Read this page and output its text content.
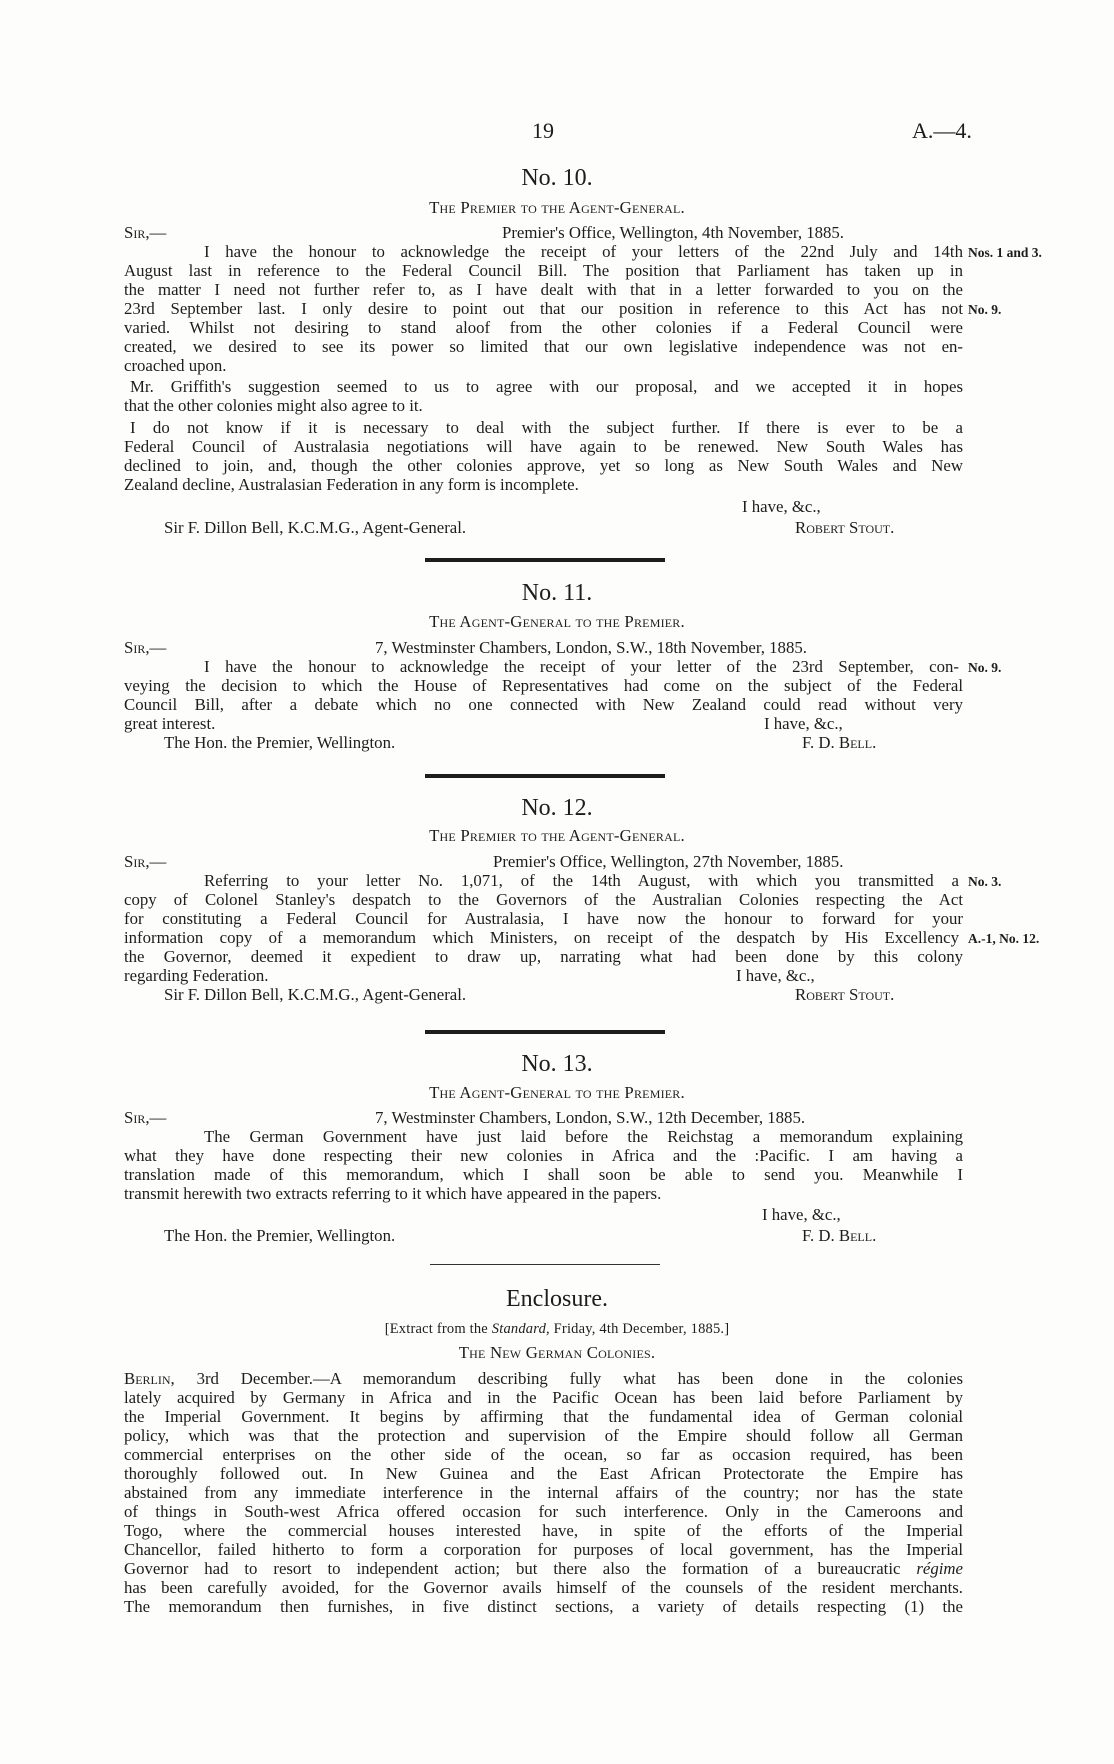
19	A.—4.
No. 10.
The Premier to the Agent-General.
Sir,—	Premier's Office, Wellington, 4th November, 1885.
I have the honour to acknowledge the receipt of your letters of the 22nd July and 14th Nos. 1 and 3.
August last in reference to the Federal Council Bill. The position that Parliament has taken up in
the matter I need not further refer to, as I have dealt with that in a letter forwarded to you on the
23rd September last. I only desire to point out that our position in reference to this Act has not No. 9.
varied. Whilst not desiring to stand aloof from the other colonies if a Federal Council were
created, we desired to see its power so limited that our own legislative independence was not en-
croached upon.
Mr. Griffith's suggestion seemed to us to agree with our proposal, and we accepted it in hopes
that the other colonies might also agree to it.
I do not know if it is necessary to deal with the subject further. If there is ever to be a
Federal Council of Australasia negotiations will have again to be renewed. New South Wales has
declined to join, and, though the other colonies approve, yet so long as New South Wales and New
Zealand decline, Australasian Federation in any form is incomplete.
I have, &c.,
Sir F. Dillon Bell, K.C.M.G., Agent-General.	Robert Stout.
No. 11.
The Agent-General to the Premier.
Sir,—	7, Westminster Chambers, London, S.W., 18th November, 1885.
I have the honour to acknowledge the receipt of your letter of the 23rd September, con- No. 9.
veying the decision to which the House of Representatives had come on the subject of the Federal
Council Bill, after a debate which no one connected with New Zealand could read without very
great interest.	I have, &c.,
The Hon. the Premier, Wellington.	F. D. Bell.
No. 12.
The Premier to the Agent-General.
Sir,—	Premier's Office, Wellington, 27th November, 1885.
Referring to your letter No. 1,071, of the 14th August, with which you transmitted a No. 3.
copy of Colonel Stanley's despatch to the Governors of the Australian Colonies respecting the Act
for constituting a Federal Council for Australasia, I have now the honour to forward for your
information copy of a memorandum which Ministers, on receipt of the despatch by His Excellency A.-1, No. 12.
the Governor, deemed it expedient to draw up, narrating what had been done by this colony
regarding Federation.	I have, &c.,
Sir F. Dillon Bell, K.C.M.G., Agent-General.	Robert Stout.
No. 13.
The Agent-General to the Premier.
Sir,—	7, Westminster Chambers, London, S.W., 12th December, 1885.
The German Government have just laid before the Reichstag a memorandum explaining
what they have done respecting their new colonies in Africa and the :Pacific. I am having a
translation made of this memorandum, which I shall soon be able to send you. Meanwhile I
transmit herewith two extracts referring to it which have appeared in the papers.
I have, &c.,
The Hon. the Premier, Wellington.	F. D. Bell.
Enclosure.
[Extract from the Standard, Friday, 4th December, 1885.]
The New German Colonies.
Berlin, 3rd December.—A memorandum describing fully what has been done in the colonies
lately acquired by Germany in Africa and in the Pacific Ocean has been laid before Parliament by
the Imperial Government. It begins by affirming that the fundamental idea of German colonial
policy, which was that the protection and supervision of the Empire should follow all German
commercial enterprises on the other side of the ocean, so far as occasion required, has been
thoroughly followed out. In New Guinea and the East African Protectorate the Empire has
abstained from any immediate interference in the internal affairs of the country; nor has the state
of things in South-west Africa offered occasion for such interference. Only in the Cameroons and
Togo, where the commercial houses interested have, in spite of the efforts of the Imperial
Chancellor, failed hitherto to form a corporation for purposes of local government, has the Imperial
Governor had to resort to independent action; but there also the formation of a bureaucratic régime
has been carefully avoided, for the Governor avails himself of the counsels of the resident merchants.
The memorandum then furnishes, in five distinct sections, a variety of details respecting (1) the
